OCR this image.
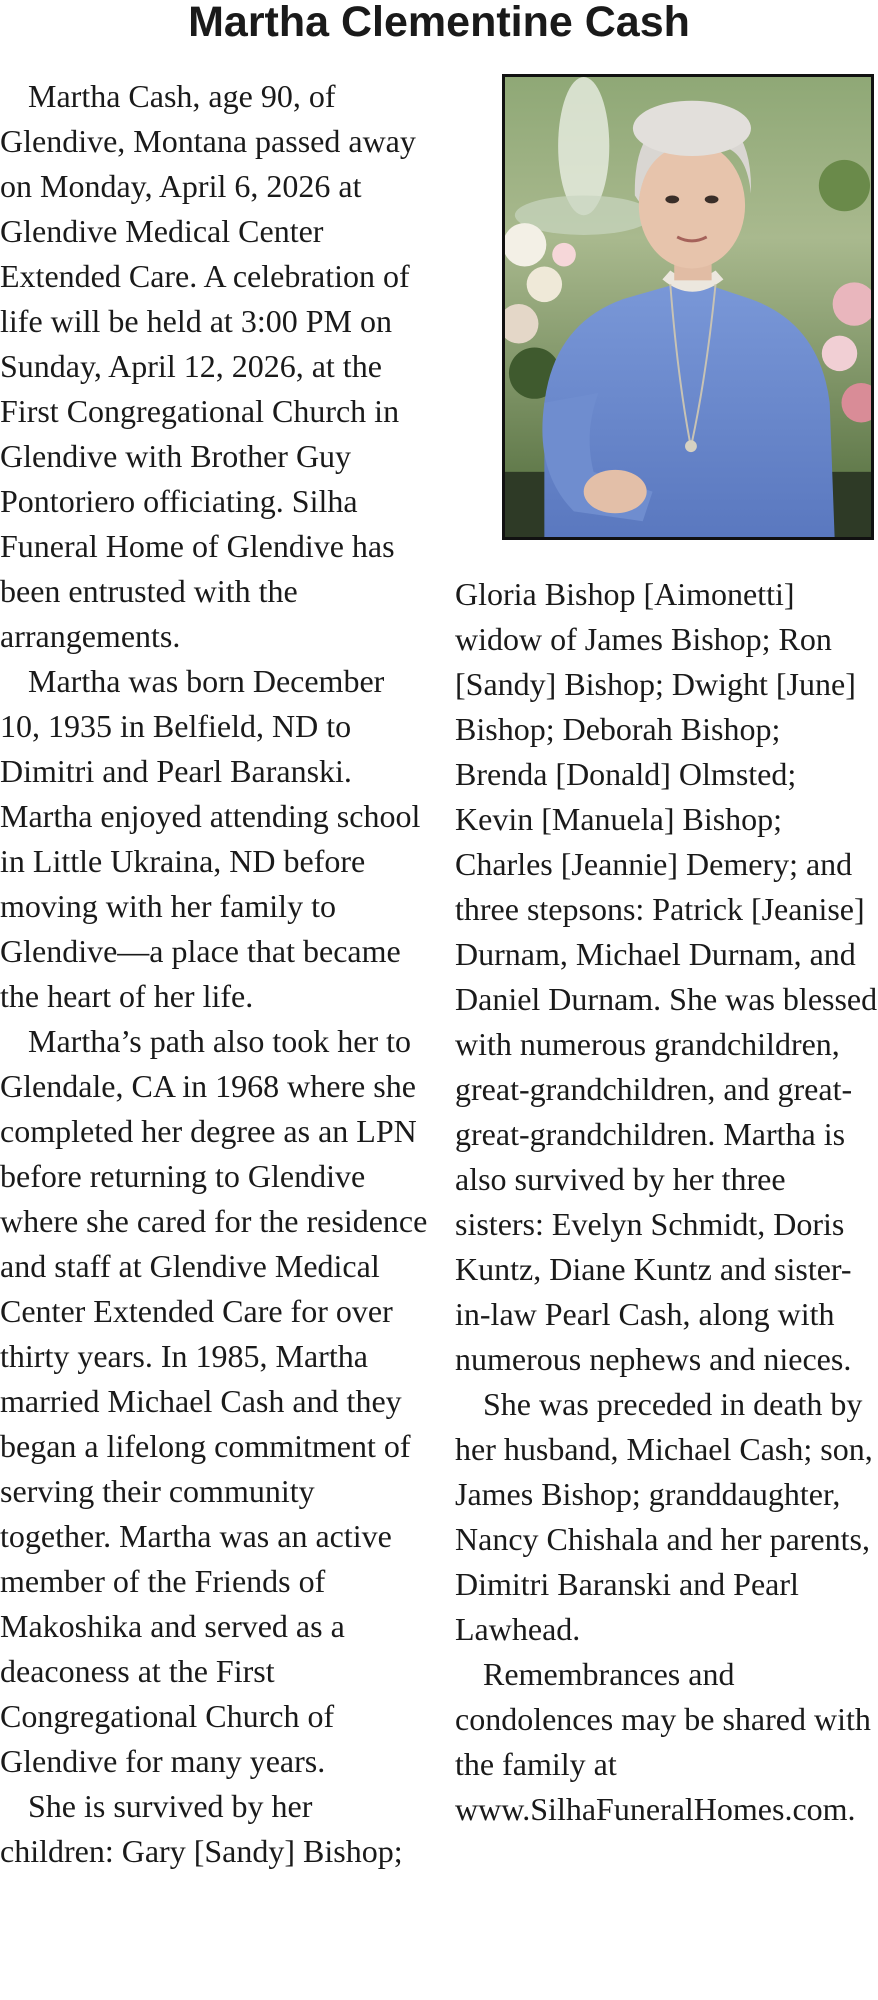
Martha Clementine Cash

Martha Cash, age 90, of Glendive, Montana passed away on Monday, April 6, 2026 at Glendive Medical Center Extended Care. A celebration of life will be held at 3:00 PM on Sunday, April 12, 2026, at the First Congregational Church in Glendive with Brother Guy Pontoriero officiating. Silha Funeral Home of Glendive has been entrusted with the arrangements.

Martha was born December 10, 1935 in Belfield, ND to Dimitri and Pearl Baranski. Martha enjoyed attending school in Little Ukraina, ND before moving with her family to Glendive—a place that became the heart of her life.

Martha’s path also took her to Glendale, CA in 1968 where she completed her degree as an LPN before returning to Glendive where she cared for the residence and staff at Glendive Medical Center Extended Care for over thirty years. In 1985, Martha married Michael Cash and they began a lifelong commitment of serving their community together. Martha was an active member of the Friends of Makoshika and served as a deaconess at the First Congregational Church of Glendive for many years.

She is survived by her children: Gary [Sandy] Bishop;

Gloria Bishop [Aimonetti] widow of James Bishop; Ron [Sandy] Bishop; Dwight [June] Bishop; Deborah Bishop; Brenda [Donald] Olmsted; Kevin [Manuela] Bishop; Charles [Jeannie] Demery; and three stepsons: Patrick [Jeanise] Durnam, Michael Durnam, and Daniel Durnam. She was blessed with numerous grandchildren, great-grandchildren, and great-great-grandchildren. Martha is also survived by her three sisters: Evelyn Schmidt, Doris Kuntz, Diane Kuntz and sister-in-law Pearl Cash, along with numerous nephews and nieces.

She was preceded in death by her husband, Michael Cash; son, James Bishop; granddaughter, Nancy Chishala and her parents, Dimitri Baranski and Pearl Lawhead.

Remembrances and condolences may be shared with the family at www.SilhaFuneralHomes.com.
